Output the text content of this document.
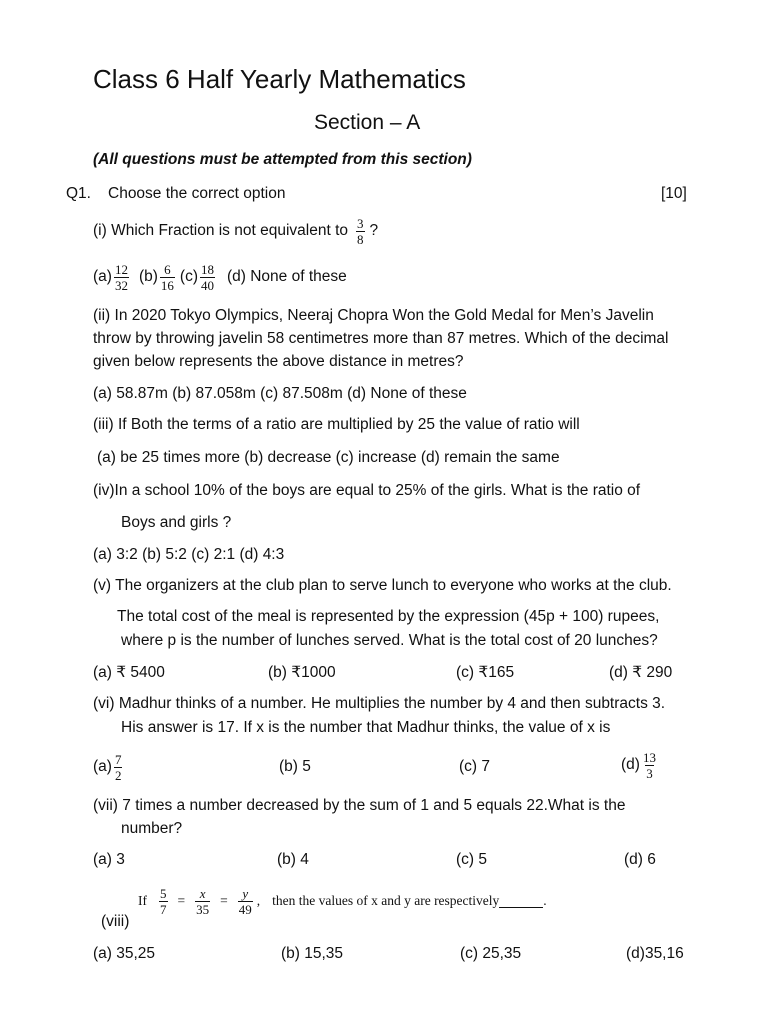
Class 6 Half Yearly Mathematics
Section – A
(All questions must be attempted from this section)
Q1. Choose the correct option	[10]
(i) Which Fraction is not equivalent to $\frac{3}{8}$ ?
$(a) \frac{12}{32} (b) \frac{6}{16} (c) \frac{18}{40} (d)$ None of these
(ii) In 2020 Tokyo Olympics, Neeraj Chopra Won the Gold Medal for Men’s Javelin
throw by throwing javelin 58 centimetres more than 87 metres. Which of the decimal
given below represents the above distance in metres?
(a) 58.87m (b) 87.058m (c) 87.508m (d) None of these
(iii) If Both the terms of a ratio are multiplied by 25 the value of ratio will
(a) be 25 times more (b) decrease (c) increase (d) remain the same
(iv)In a school 10% of the boys are equal to 25% of the girls. What is the ratio of
Boys and girls ?
(a) 3:2 (b) 5:2 (c) 2:1 (d) 4:3
(v) The organizers at the club plan to serve lunch to everyone who works at the club.
The total cost of the meal is represented by the expression (45p + 100) rupees,
where p is the number of lunches served. What is the total cost of 20 lunches?
(a) ₹ 5400	(b) ₹1000	(c) ₹165	(d) ₹ 290
(vi) Madhur thinks of a number. He multiplies the number by 4 and then subtracts 3.
His answer is 17. If x is the number that Madhur thinks, the value of x is
$(a) \frac{7}{2}$	(b) 5	(c) 7	$(d) \frac{13}{3}$
(vii) 7 times a number decreased by the sum of 1 and 5 equals 22.What is the
number?
(a) 3	(b) 4	(c) 5	(d) 6
If $\frac{5}{7} = \frac{x}{35} = \frac{y}{49}$ , then the values of x and y are respectively	.
(viii)
(a) 35,25	(b) 15,35	(c) 25,35	(d)35,16
